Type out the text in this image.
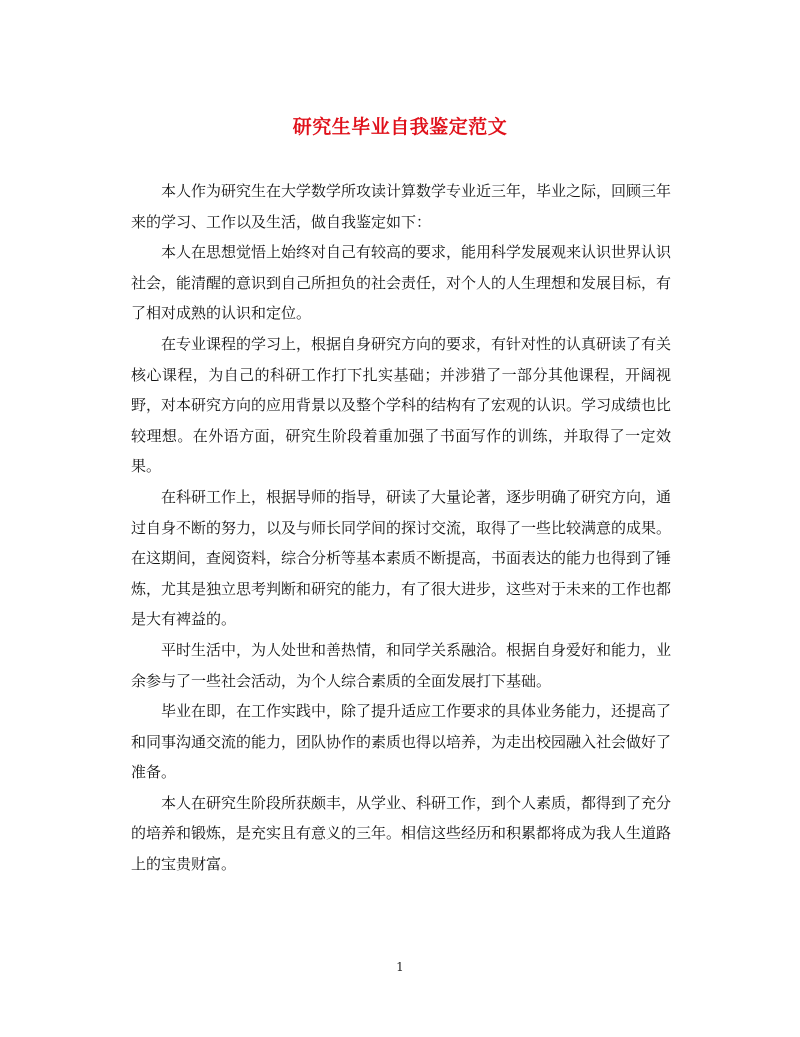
研究生毕业自我鉴定范文

本人作为研究生在大学数学所攻读计算数学专业近三年，毕业之际，回顾三年来的学习、工作以及生活，做自我鉴定如下：

本人在思想觉悟上始终对自己有较高的要求，能用科学发展观来认识世界认识社会，能清醒的意识到自己所担负的社会责任，对个人的人生理想和发展目标，有了相对成熟的认识和定位。

在专业课程的学习上，根据自身研究方向的要求，有针对性的认真研读了有关核心课程，为自己的科研工作打下扎实基础；并涉猎了一部分其他课程，开阔视野，对本研究方向的应用背景以及整个学科的结构有了宏观的认识。学习成绩也比较理想。在外语方面，研究生阶段着重加强了书面写作的训练，并取得了一定效果。

在科研工作上，根据导师的指导，研读了大量论著，逐步明确了研究方向，通过自身不断的努力，以及与师长同学间的探讨交流，取得了一些比较满意的成果。在这期间，查阅资料，综合分析等基本素质不断提高，书面表达的能力也得到了锤炼，尤其是独立思考判断和研究的能力，有了很大进步，这些对于未来的工作也都是大有裨益的。

平时生活中，为人处世和善热情，和同学关系融洽。根据自身爱好和能力，业余参与了一些社会活动，为个人综合素质的全面发展打下基础。

毕业在即，在工作实践中，除了提升适应工作要求的具体业务能力，还提高了和同事沟通交流的能力，团队协作的素质也得以培养，为走出校园融入社会做好了准备。

本人在研究生阶段所获颇丰，从学业、科研工作，到个人素质，都得到了充分的培养和锻炼，是充实且有意义的三年。相信这些经历和积累都将成为我人生道路上的宝贵财富。

1
